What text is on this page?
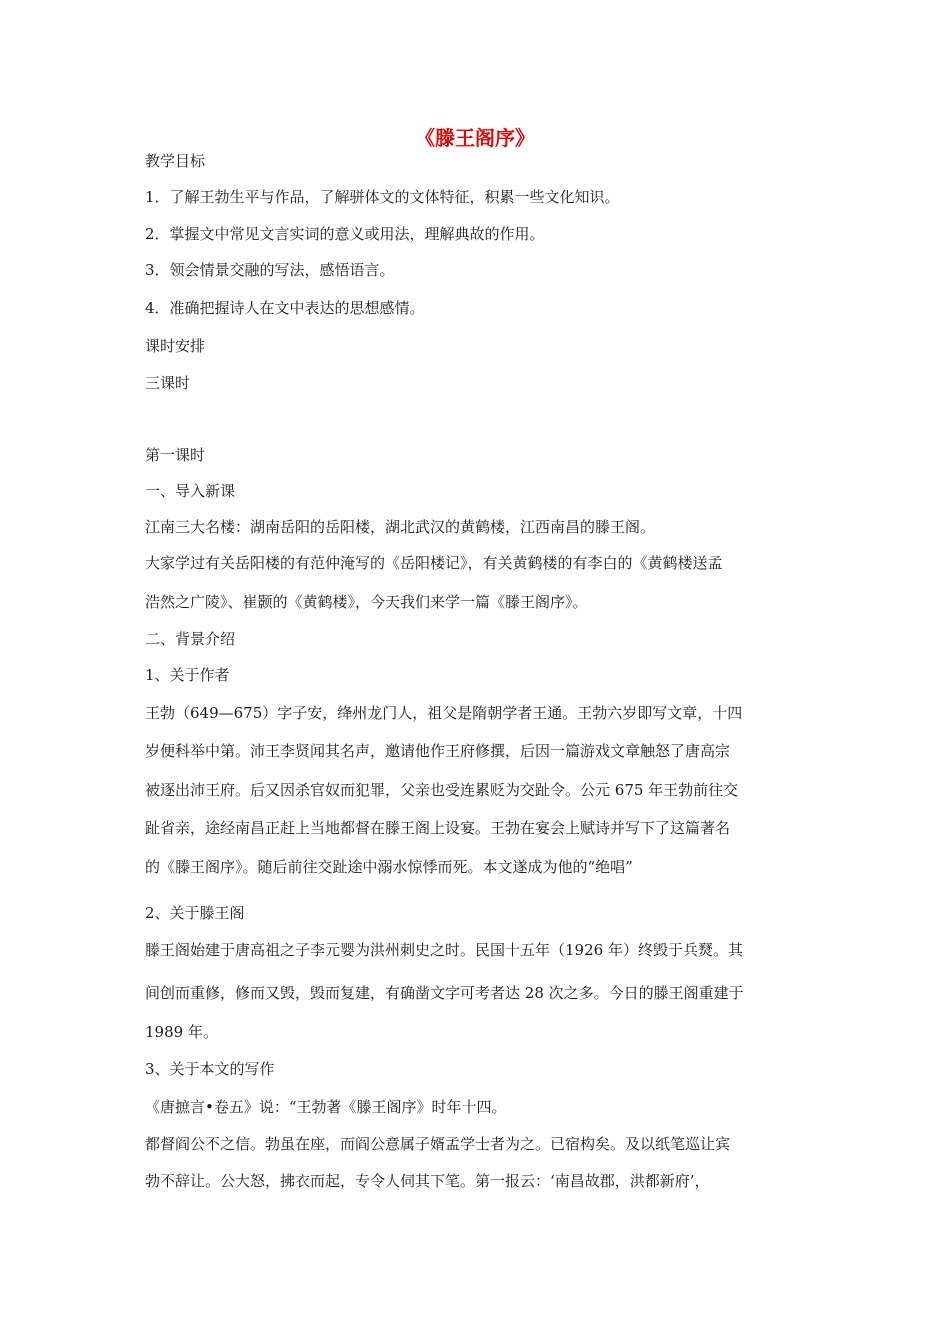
《滕王阁序》
教学目标
1．了解王勃生平与作品，了解骈体文的文体特征，积累一些文化知识。
2．掌握文中常见文言实词的意义或用法，理解典故的作用。
3．领会情景交融的写法，感悟语言。
4．准确把握诗人在文中表达的思想感情。
课时安排
三课时
第一课时
一、导入新课
江南三大名楼：湖南岳阳的岳阳楼，湖北武汉的黄鹤楼，江西南昌的滕王阁。
大家学过有关岳阳楼的有范仲淹写的《岳阳楼记》，有关黄鹤楼的有李白的《黄鹤楼送孟
浩然之广陵》、崔颢的《黄鹤楼》，今天我们来学一篇《滕王阁序》。
二、背景介绍
1、关于作者
王勃（649—675）字子安，绛州龙门人，祖父是隋朝学者王通。王勃六岁即写文章，十四
岁便科举中第。沛王李贤闻其名声，邀请他作王府修撰，后因一篇游戏文章触怒了唐高宗
被逐出沛王府。后又因杀官奴而犯罪，父亲也受连累贬为交趾令。公元 675 年王勃前往交
趾省亲，途经南昌正赶上当地都督在滕王阁上设宴。王勃在宴会上赋诗并写下了这篇著名
的《滕王阁序》。随后前往交趾途中溺水惊悸而死。本文遂成为他的“绝唱”
2、关于滕王阁
滕王阁始建于唐高祖之子李元婴为洪州刺史之时。民国十五年（1926 年）终毁于兵燹。其
间创而重修，修而又毁，毁而复建，有确凿文字可考者达 28 次之多。今日的滕王阁重建于
1989 年。
3、关于本文的写作
《唐摭言•卷五》说：“王勃著《滕王阁序》时年十四。
都督阎公不之信。勃虽在座，而阎公意属子婿孟学士者为之。已宿构矣。及以纸笔巡让宾
勃不辞让。公大怒，拂衣而起，专令人伺其下笔。第一报云：‘南昌故郡，洪都新府’，
